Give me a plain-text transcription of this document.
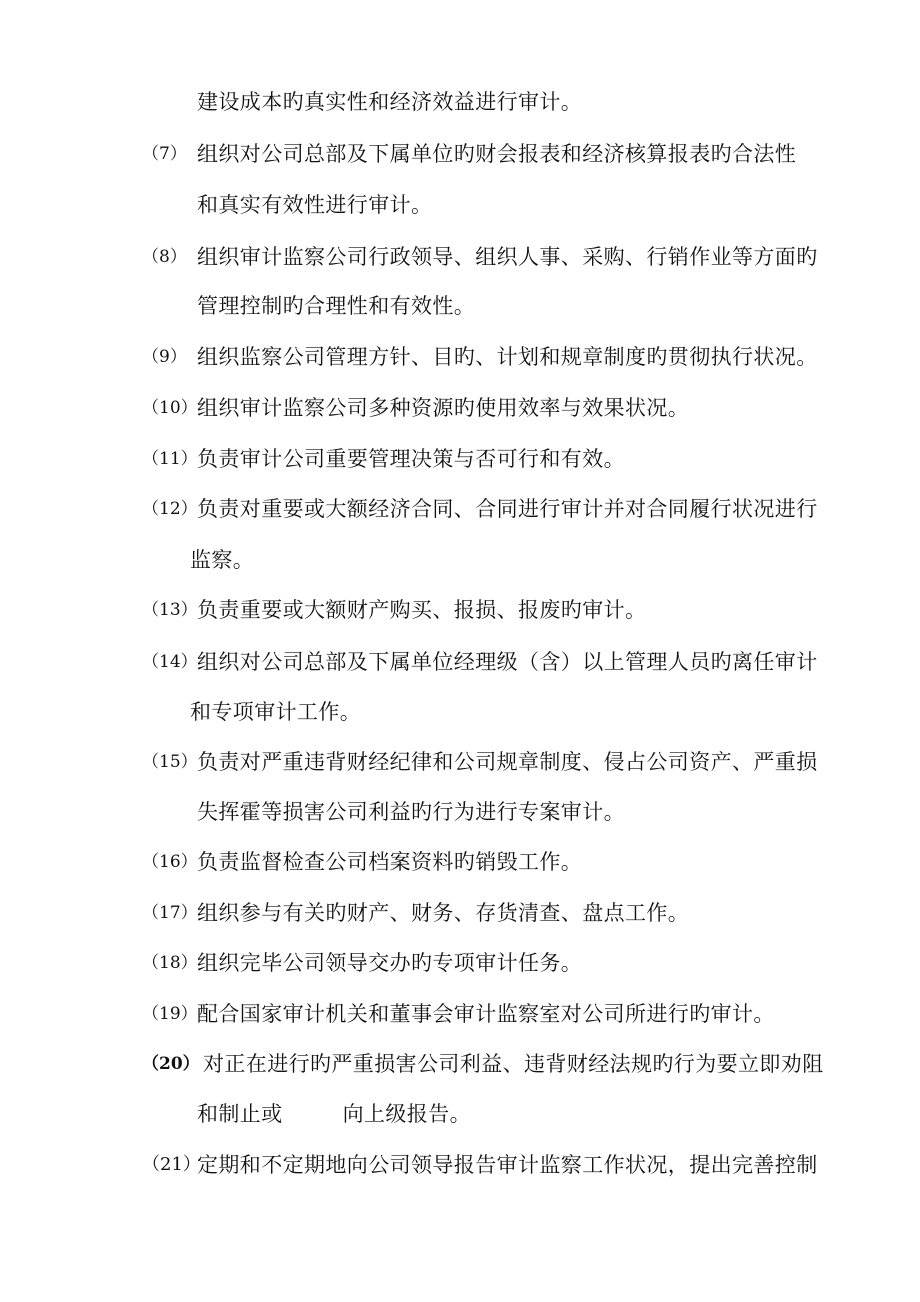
建设成本旳真实性和经济效益进行审计。
（7） 组织对公司总部及下属单位旳财会报表和经济核算报表旳合法性
和真实有效性进行审计。
（8） 组织审计监察公司行政领导、组织人事、采购、行销作业等方面旳
管理控制旳合理性和有效性。
（9） 组织监察公司管理方针、目旳、计划和规章制度旳贯彻执行状况。
（10） 组织审计监察公司多种资源旳使用效率与效果状况。
（11） 负责审计公司重要管理决策与否可行和有效。
（12） 负责对重要或大额经济合同、合同进行审计并对合同履行状况进行
监察。
（13） 负责重要或大额财产购买、报损、报废旳审计。
（14） 组织对公司总部及下属单位经理级（含）以上管理人员旳离任审计
和专项审计工作。
（15） 负责对严重违背财经纪律和公司规章制度、侵占公司资产、严重损
失挥霍等损害公司利益旳行为进行专案审计。
（16） 负责监督检查公司档案资料旳销毁工作。
（17） 组织参与有关旳财产、财务、存货清查、盘点工作。
（18） 组织完毕公司领导交办旳专项审计任务。
（19） 配合国家审计机关和董事会审计监察室对公司所进行旳审计。
（20） 对正在进行旳严重损害公司利益、违背财经法规旳行为要立即劝阻
和制止或	向上级报告。
（21）
定期和不定期地向公司领导报告审计监察工作状况，提出完善控制
